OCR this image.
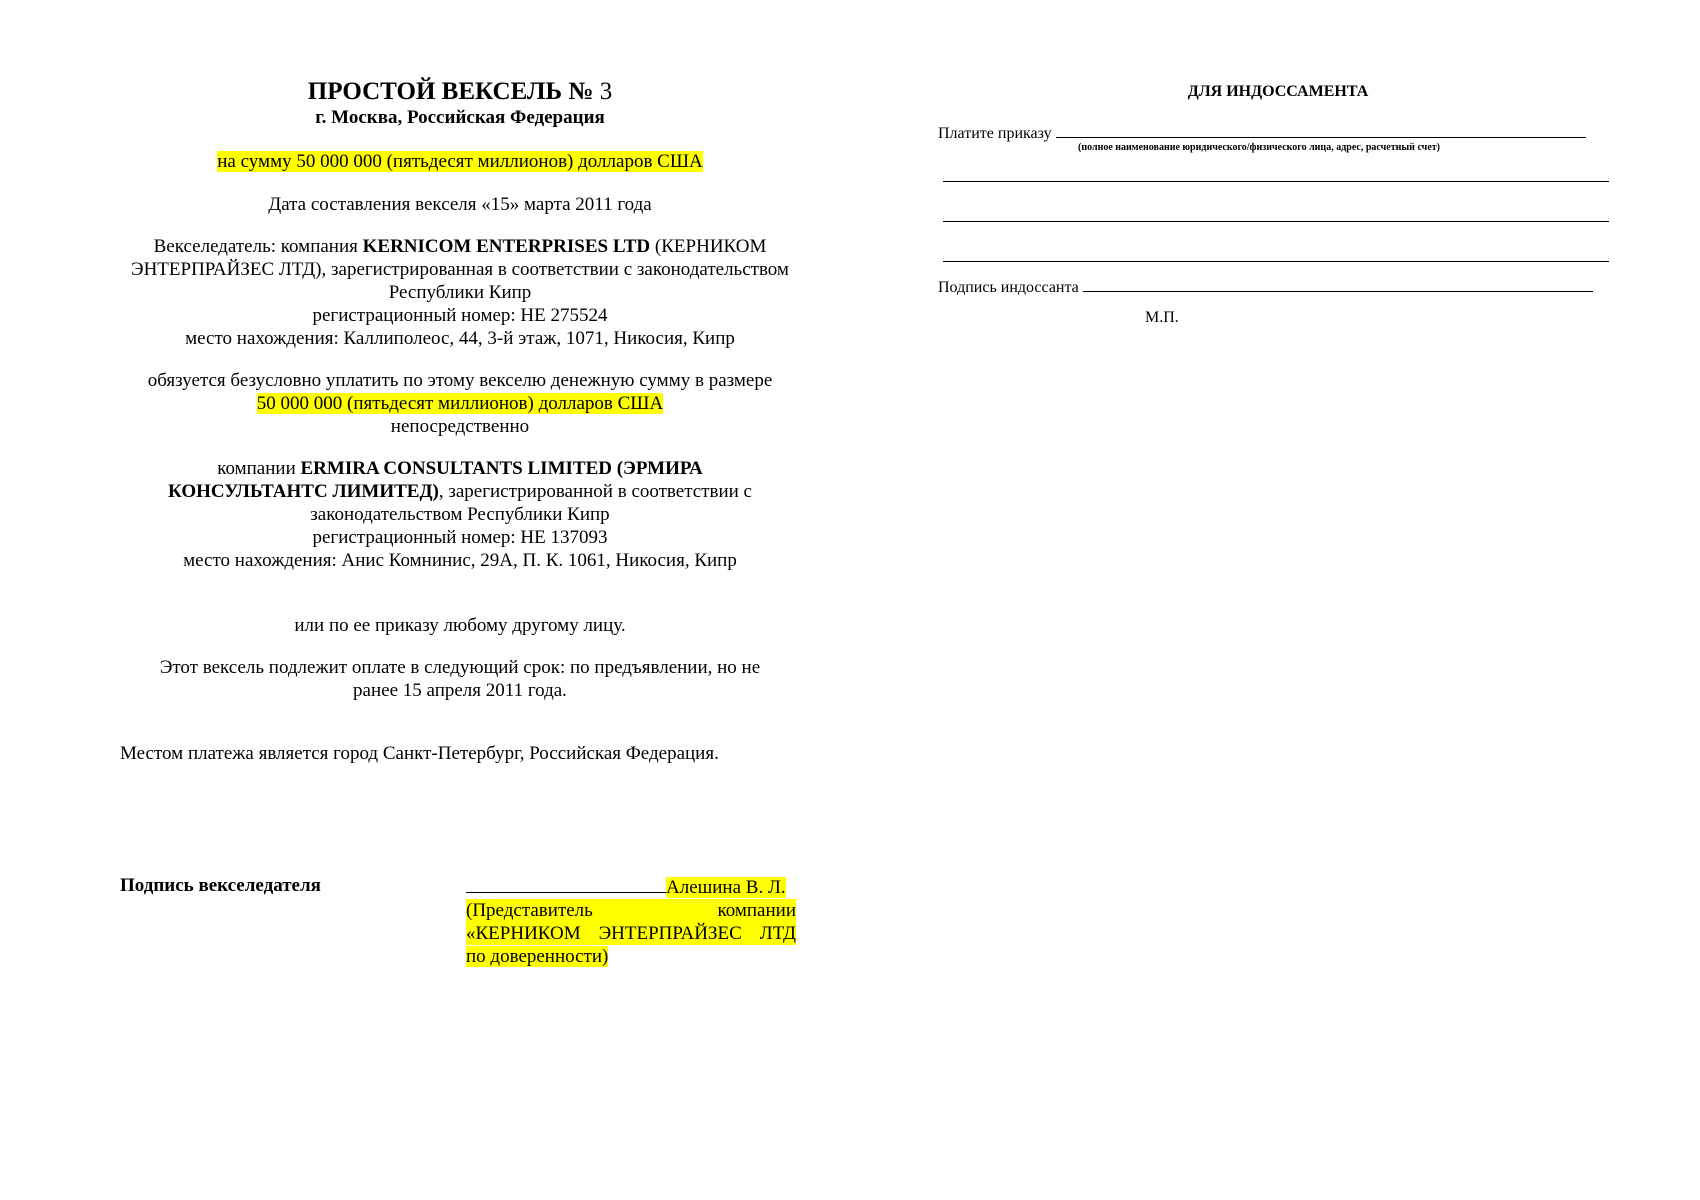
ПРОСТОЙ ВЕКСЕЛЬ № 3
г. Москва, Российская Федерация
на сумму 50 000 000 (пятьдесят миллионов) долларов США
Дата составления векселя «15» марта 2011 года

Векселедатель: компания KERNICOM ENTERPRISES LTD (КЕРНИКОМ ЭНТЕРПРАЙЗЕС ЛТД), зарегистрированная в соответствии с законодательством Республики Кипр

регистрационный номер: НЕ 275524

место нахождения: Каллиполеос, 44, 3-й этаж, 1071, Никосия, Кипр

обязуется безусловно уплатить по этому векселю денежную сумму в размере

50 000 000 (пятьдесят миллионов) долларов США

непосредственно

компании ERMIRA CONSULTANTS LIMITED (ЭРМИРА КОНСУЛЬТАНТС ЛИМИТЕД), зарегистрированной в соответствии с законодательством Республики Кипр

регистрационный номер: НЕ 137093

место нахождения: Анис Комнинис, 29А, П. К. 1061, Никосия, Кипр

или по ее приказу любому другому лицу.
Этот вексель подлежит оплате в следующий срок: по предъявлении, но не ранее 15 апреля 2011 года.
Местом платежа является город Санкт-Петербург, Российская Федерация.
Подпись векселедателя	Алешина В. Л.
(Представитель компании
«КЕРНИКОМ ЭНТЕРПРАЙЗЕС ЛТД
по доверенности)
ДЛЯ ИНДОССАМЕНТА
Платите приказу
(полное наименование юридического/физического лица, адрес, расчетный счет)
Подпись индоссанта
М.П.
